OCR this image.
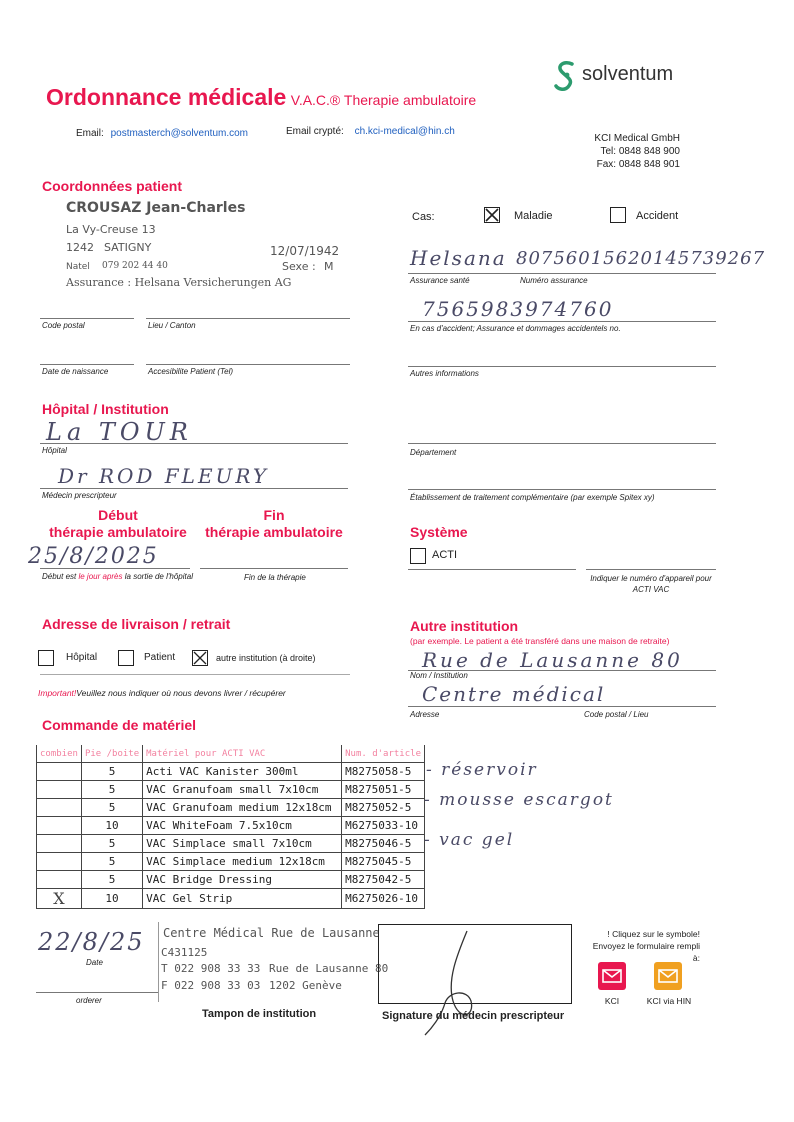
Ordonnance médicale V.A.C.® Therapie ambulatoire
solventum
Email: postmasterch@solventum.com	Email crypté: ch.kci-medical@hin.ch
KCI Medical GmbH
Tel: 0848 848 900
Fax: 0848 848 901
Coordonnées patient
CROUSAZ Jean-Charles
La Vy-Creuse 13
1242 SATIGNY	12/07/1942
Natel 079 202 44 40	Sexe : M
Assurance : Helsana Versicherungen AG
Code postal	Lieu / Canton
Date de naissance	Accesibilite Patient (Tel)
Cas:	Maladie	Accident
Helsana 80756015620145739267
Assurance santé	Numéro assurance
7565983974760
En cas d'accident; Assurance et dommages accidentels no.
Autres informations
Hôpital / Institution
La TOUR
Hôpital
Dr ROD FLEURY
Médecin prescripteur
Département
Établissement de traitement complémentaire (par exemple Spitex xy)
Début
thérapie ambulatoire
Fin
thérapie ambulatoire
25/8/2025
Début est le jour après la sortie de l'hôpital	Fin de la thérapie
Système
ACTI
Indiquer le numéro d'appareil pour ACTI VAC
Adresse de livraison / retrait
Hôpital	Patient	autre institution (à droite)
Important!Veuillez nous indiquer où nous devons livrer / récupérer
Autre institution
(par exemple. Le patient a été transféré dans une maison de retraite)
Rue de Lausanne 80
Nom / Institution
Centre médical
Adresse	Code postal / Lieu
Commande de matériel
combien	Pie /boite	Matériel pour ACTI VAC	Num. d'article
	5	Acti VAC Kanister 300ml	M8275058-5
	5	VAC Granufoam small 7x10cm	M8275051-5
	5	VAC Granufoam medium 12x18cm	M8275052-5
	10	VAC WhiteFoam 7.5x10cm	M6275033-10
	5	VAC Simplace small 7x10cm	M8275046-5
	5	VAC Simplace medium 12x18cm	M8275045-5
	5	VAC Bridge Dressing	M8275042-5
X	10	VAC Gel Strip	M6275026-10
- réservoir
- mousse escargot
- vac gel
22/8/25
Date
orderer
Centre Médical Rue de Lausanne
C431125
T 022 908 33 33 Rue de Lausanne 80
F 022 908 33 03 1202 Genève
Tampon de institution	Signature du médecin prescripteur
! Cliquez sur le symbole!
Envoyez le formulaire rempli à:
KCI	KCI via HIN
